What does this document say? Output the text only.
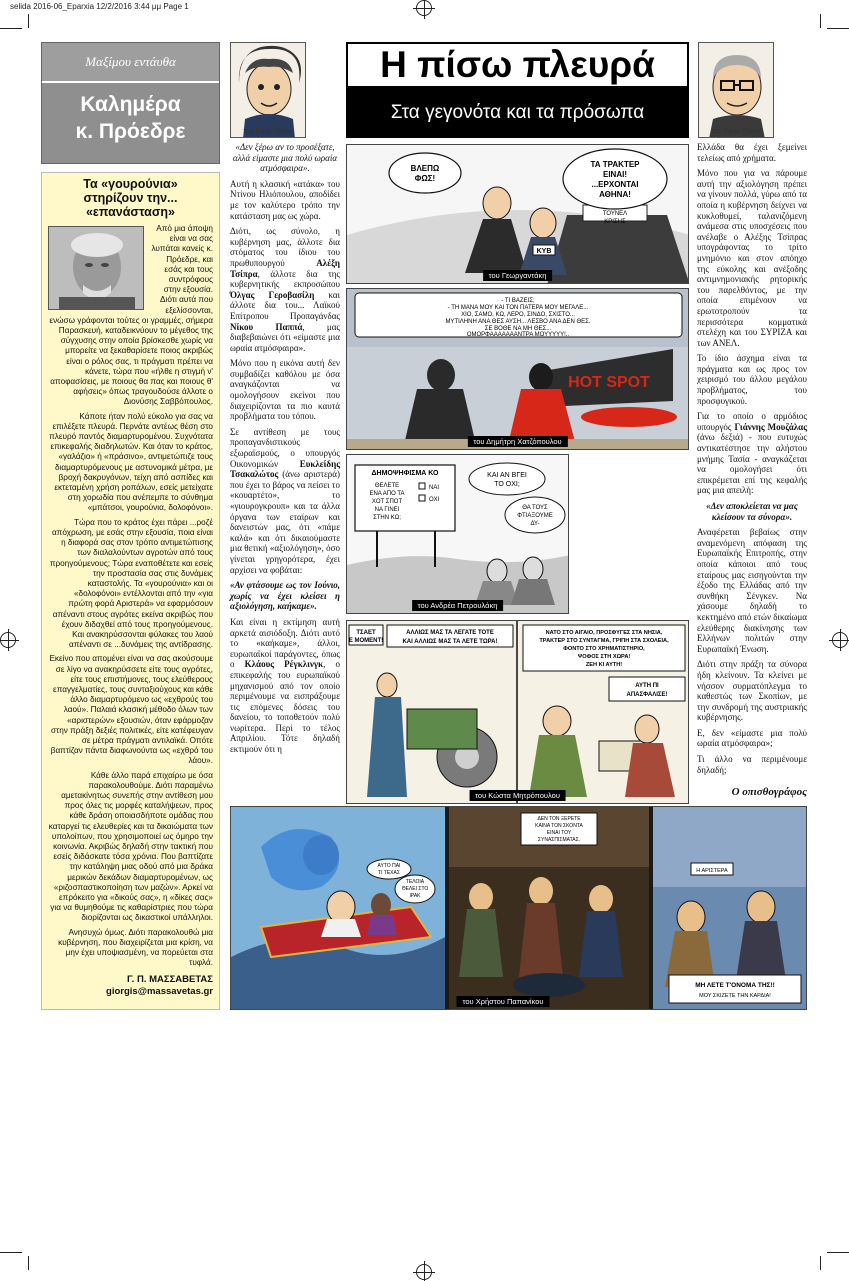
selida 2016-06_Eparxia 12/2/2016 3:44 μμ Page 1
Μαξίμου εντάυθα
Καλημέρα
κ. Πρόεδρε
Τα «γουρούνια»
στηρίζουν την...
«επανάσταση»

Από μια άποψη είναι να σας λυπάται κανείς κ. Πρόεδρε, και εσάς και τους συντρόφους στην εξουσία. Διότι αυτά που εξελίσσονται, ενώσω γράφονται τούτες οι γραμμές, σήμερα Παρασκευή, καταδεικνύουν το μέγεθος της σύγχυσης στην οποία βρίσκεσθε χωρίς να μπορείτε να ξεκαθαρίσετε ποιος ακριβώς είναι ο ρόλος σας, τι πράγματι πρέπει να κάνετε, τώρα που «ήλθε η στιγμή ν' αποφασίσεις, με ποιους θα πας και ποιους θ' αφήσεις» όπως τραγουδούσε άλλοτε ο Διονύσης Σαββόπουλος.

Κάποτε ήταν πολύ εύκολο για σας να επιλέξετε πλευρά. Περνάτε αντέως θέση στο πλευρό παντός διαμαρτυρομένου. Συχνότατα επικεφαλής διαδηλωτών. Και όταν το κράτος, «γαλάζιο» ή «πράσινο», αντιμετώπιζε τους διαμαρτυρόμενους με αστυνομικά μέτρα, με βροχή δακρυγόνων, τείχη από ασπίδες και εκτεταμένη χρήση ροπάλων, εσείς μετείχατε στη χορωδία που ανέπεμπε το σύνθημα «μπάτσοι, γουρούνια, δολοφόνοι».

Τώρα που το κράτος έχει πάρει ...ροζέ απόχρωση, με εσάς στην εξουσία, ποια είναι η διαφορά σας στον τρόπο αντιμετώπισης των διαλαλούντων αγροτών από τους προηγούμενους; Τώρα εναποθέτετε και εσείς την προστασία σας στις δυνάμεις καταστολής. Τα «γουρούνια» και οι «δολοφόνοι» εντέλλονται από την «για πρώτη φορά Αριστερά» να εφαρμόσουν απέναντι στους αγρότες εκείνα ακριβώς που έχουν διδαχθεί από τους προηγούμενους. Και ανακηρύσσονται φύλακες του λαού απέναντι σε ...δυνάμεις της αντίδρασης.

Εκείνο που απομένει είναι να σας ακούσουμε σε λίγο να ανακηρύσσετε είτε τους αγρότες, είτε τους επιστήμονες, τους ελεύθερους επαγγελματίες, τους συνταξιούχους και κάθε άλλο διαμαρτυρόμενο ως «εχθρούς του λαού». Παλαιά κλασική μέθοδο όλων των «αριστερών» εξουσιών, όταν εφάρμοζαν στην πράξη δεξιές πολιτικές, είτε κατέφευγαν σε μέτρα πράγματι αντιλαϊκά. Οπότε βαπτίζαν πάντα διαφωνούντα ως «εχθρό του λάου».

Κάθε άλλο παρά επιχαίρω με όσα παρακολουθούμε. Διότι παραμένω αμετακίνητως συνεπής στην αντίθεση μου προς όλες τις μορφές καταλήψεων, προς κάθε δράση οποιασδήποτε ομάδας που καταργεί τις ελευθερίες και τα δικαιώματα των υπολοίπων, που χρησιμοποιεί ως όμηρο την κοινωνία. Ακριβώς δηλαδή στην τακτική που εσείς διδάσκατε τόσα χρόνια. Που βαπτίζατε την κατάληψη μιας οδού από μια δράκα μερικών δεκάδων διαμαρτυρομένων, ως «ριζοσπαστικοποίηση των μαζών». Αρκεί να επρόκειτο για «δικούς σας», η «δίκες σας» για να θυμηθούμε τις καθαρίστριες που τώρα διορίζονται ως δικαστικοί υπάλληλοι.

Ανησυχώ όμως. Διότι παρακολουθώ μια κυβέρνηση, που διαχειρίζεται μια κρίση, να μην έχει υποψιασμένη, να πορεύεται στα τυφλά.

Γ. Π. ΜΑΣΣΑΒΕΤΑΣ
giorgis@massavetas.gr
Η πίσω πλευρά
Στα γεγονότα και τα πρόσωπα
της Εφης Ξένου	της Εφης Ξένου

«Δεν ξέρω αν το προσέξατε, αλλά είμαστε μια πολύ ωραία ατμόσφαιρα».

Αυτή η κλασική «ατάκα» του Ντίνου Ηλιόπουλου, αποδίδει με τον καλύτερο τρόπο την κατάσταση μας ως χώρα.

Διότι, ως σύνολο, η κυβέρνηση μας, άλλοτε δια στόματος του ίδιου του πρωθυπουργού Αλέξη Τσίπρα, άλλοτε δια της κυβερνητικής εκπροσώπου Όλγας Γεροβασίλη και άλλοτε δια του... Λαϊκού Επίτροπου Προπαγάνδας Νίκου Παππά, μας διαβεβαιώνει ότι «είμαστε μια ωραία ατμόσφαιρα».

Μόνο που η εικόνα αυτή δεν συμβαδίζει καθόλου με όσα αναγκάζονται να ομολογήσουν εκείνοι που διαχειρίζονται τα πιο καυτά προβλήματα του τόπου.

Σε αντίθεση με τους προπαγανδιστικούς εξωραϊσμούς, ο υπουργός Οικονομικών Ευκλείδης Τσακαλώτος (άνω αριστερά) που έχει το βάρος να πείσει το «κουαρτέτο», το «γιουρογκρουπ» και τα άλλα όργανα των εταίρων και δανειστών μας, ότι «πάμε καλά» και ότι δικαιούμαστε μια θετική «αξιολόγηση», όσο γίνεται γρηγορότερα, έχει αρχίσει να φοβάται:

«Αν φτάσουμε ως τον Ιούνιο, χωρίς να έχει κλείσει η αξιολόγηση, καήκαμε».

Και είναι η εκτίμηση αυτή αρκετά αισιόδοξη. Διότι αυτό το «καήκαμε», άλλοι, ευρωπαϊκοί παράγοντες, όπως ο Κλάους Ρέγκλινγκ, ο επικεφαλής του ευρωπαϊκού μηχανισμού από τον οποίο περιμένουμε να εισπράξουμε τις επόμενες δόσεις του δανείου, το τοποθετούν πολύ νωρίτερα. Περί το τέλος Απριλίου. Τότε δηλαδή εκτιμούν ότι η

Ελλάδα θα έχει ξεμείνει τελείως από χρήματα.

Μόνο που για να πάρουμε αυτή την αξιολόγηση πρέπει να γίνουν πολλά, γύρω από τα οποία η κυβέρνηση δείχνει να κυκλοθυμεί, ταλανιζόμενη ανάμεσα στις υποσχέσεις που ανέλαβε ο Αλέξης Τσίπρας υπογράφοντας το τρίτο μνημόνιο και στον απόηχο της εύκολης και ανέξοδης αντιμνημονιακής ρητορικής του παρελθόντος, με την οποία επιμένουν να ερωτοτροπούν τα περισσότερα κομματικά στελέχη και του ΣΥΡΙΖΑ και των ΑΝΕΛ.

Το ίδιο άσχημα είναι τα πράγματα και ως προς τον χειρισμό του άλλου μεγάλου προβλήματος, του προσφυγικού.

Για το οποίο ο αρμόδιος υπουργός Γιάννης Μουζάλας (άνω δεξιά) - που ευτυχώς αντικατέστησε την αλήστου μνήμης Τασία - αναγκάζεται να ομολογήσει ότι επικρέμεται επί της κεφαλής μας μια απειλή:

«Δεν αποκλείεται να μας κλείσουν τα σύνορα».

Αναφέρεται βεβαίως στην αναμενόμενη απόφαση της Ευρωπαϊκής Επιτροπής, στην οποία κάποιοι από τους εταίρους μας εισηγούνται την έξοδο της Ελλάδας από την συνθήκη Σένγκεν. Να χάσουμε δηλαδή το κεκτημένο από ετών δικαίωμα ελεύθερης διακίνησης των Ελλήνων πολιτών στην Ευρωπαϊκή Ένωση.

Διότι στην πράξη τα σύνορα ήδη κλείνουν. Τα κλείνει με νήσσον συρματόπλεγμα το καθεστώς των Σκοπίων, με την συνδρομή της αυστριακής κυβέρνησης.

Ε, δεν «είμαστε μια πολύ ωραία ατμόσφαιρα»;

Τι άλλο να περιμένουμε δηλαδή;

Ο οπισθογράφος
ΤΟΥΝΕΛ
ΚΡΙΣΗΣ
ΒΛΕΠΩ
ΦΩΣ!
ΤΑ ΤΡΑΚΤΕΡ
ΕΙΝΑΙ!
...ΕΡΧΟΝΤΑΙ
ΑΘΗΝΑ!
ΚΥΒ
του Γεωργαντάκη
- ΤΙ ΒΑΖΕΙΣ;
- ΤΗ ΜΑΝΑ ΜΟΥ ΚΑΙ ΤΟΝ ΠΑΤΕΡΑ ΜΟΥ ΜΕΓΑΛΕ...
ΧΙΟ, ΣΑΜΟ, ΚΩ, ΛΕΡΟ, ΣΙΝΔΟ, ΣΧΙΣΤΟ...
ΜΥΤΙΛΗΝΗ ΑΝΑ ΘΕΣ ΑΥΣΗ... ΛΕΣΒΟ ΑΝΑ ΔΕΝ ΘΕΣ.
ΣΕ ΒΟΘΕ ΝΑ ΜΗ ΘΕΣ...
ΟΜΟΡΦΑΑΑΑΑΑΑΝΤΡΑ ΜΟΥΥΥΥΥ!..
HOT SPOT
του Δημήτρη Χατζόπουλου
ΔΗΜΟΨΗΦΙΣΜΑ ΚΟ
ΘΕΛΕΤΕ
ΕΝΑ ΑΠΟ ΤΑ
ΧΟΤ ΣΠΟΤ
ΝΑ ΓΙΝΕΙ
ΣΤΗΝ ΚΩ;
ΝΑΙ
ΟΧΙ
ΚΑΙ ΑΝ ΒΓΕΙ
ΤΟ ΟΧΙ;
ΘΑ ΤΟΥΣ
ΦΤΙΑΞΟΥΜΕ
ΔΥ-
του Ανδρέα Πετρουλάκη
ΤΣΑΕΤ
Ε ΜΟΜΕΝΤ!
ΑΛΛΙΩΣ ΜΑΣ ΤΑ ΛΕΓΑΤΕ ΤΟΤΕ
ΚΑΙ ΑΛΛΙΩΣ ΜΑΣ ΤΑ ΛΕΤΕ ΤΩΡΑ!
ΝΑΤΟ ΣΤΟ ΑΙΓΑΙΟ, ΠΡΟΣΦΥΓΕΣ ΣΤΑ ΝΗΣΙΑ,
ΤΡΑΚΤΕΡ ΣΤΟ ΣΥΝΤΑΓΜΑ, ΓΡΙΠΗ ΣΤΑ ΣΧΟΛΕΙΑ,
ΦΟΝΤΟ ΣΤΟ ΧΡΗΜΑΤΙΣΤΗΡΙΟ,
ΨΟΦΟΣ ΣΤΗ ΧΩΡΑ!
ΖΕΗ ΚΙ ΑΥΤΗ!
ΑΥΤΗ ΠΙ
ΑΠΑΣΦΑΛΙΣΕ!
του Κώστα Μητρόπουλου
ΑΥΤΟ ΠΑΙ
ΤΙ ΤΕΧΑΣ
ΤΕΛΟΙΑ
ΘΕΛΕΙ ΣΤΟ
ΙΡΑΚ
ΔΕΝ ΤΟΝ ΞΕΡΕΤΕ
ΚΑΙΝΑ ΤΟΝ ΣΚΟΝΤΑ
ΕΙΝΑΙ ΤΟΥ
ΣΥΝΑΣΠΙΣΜΑΤΑΣ.
Η ΑΡΙΣΤΕΡΑ
ΜΗ ΛΕΤΕ Τ'ΟΝΟΜΑ ΤΗΣ!!
ΜΟΥ ΣΚΙΖΕΤΕ ΤΗΝ ΚΑΡΔΙΑ!
του Χρήστου Παπανίκου
